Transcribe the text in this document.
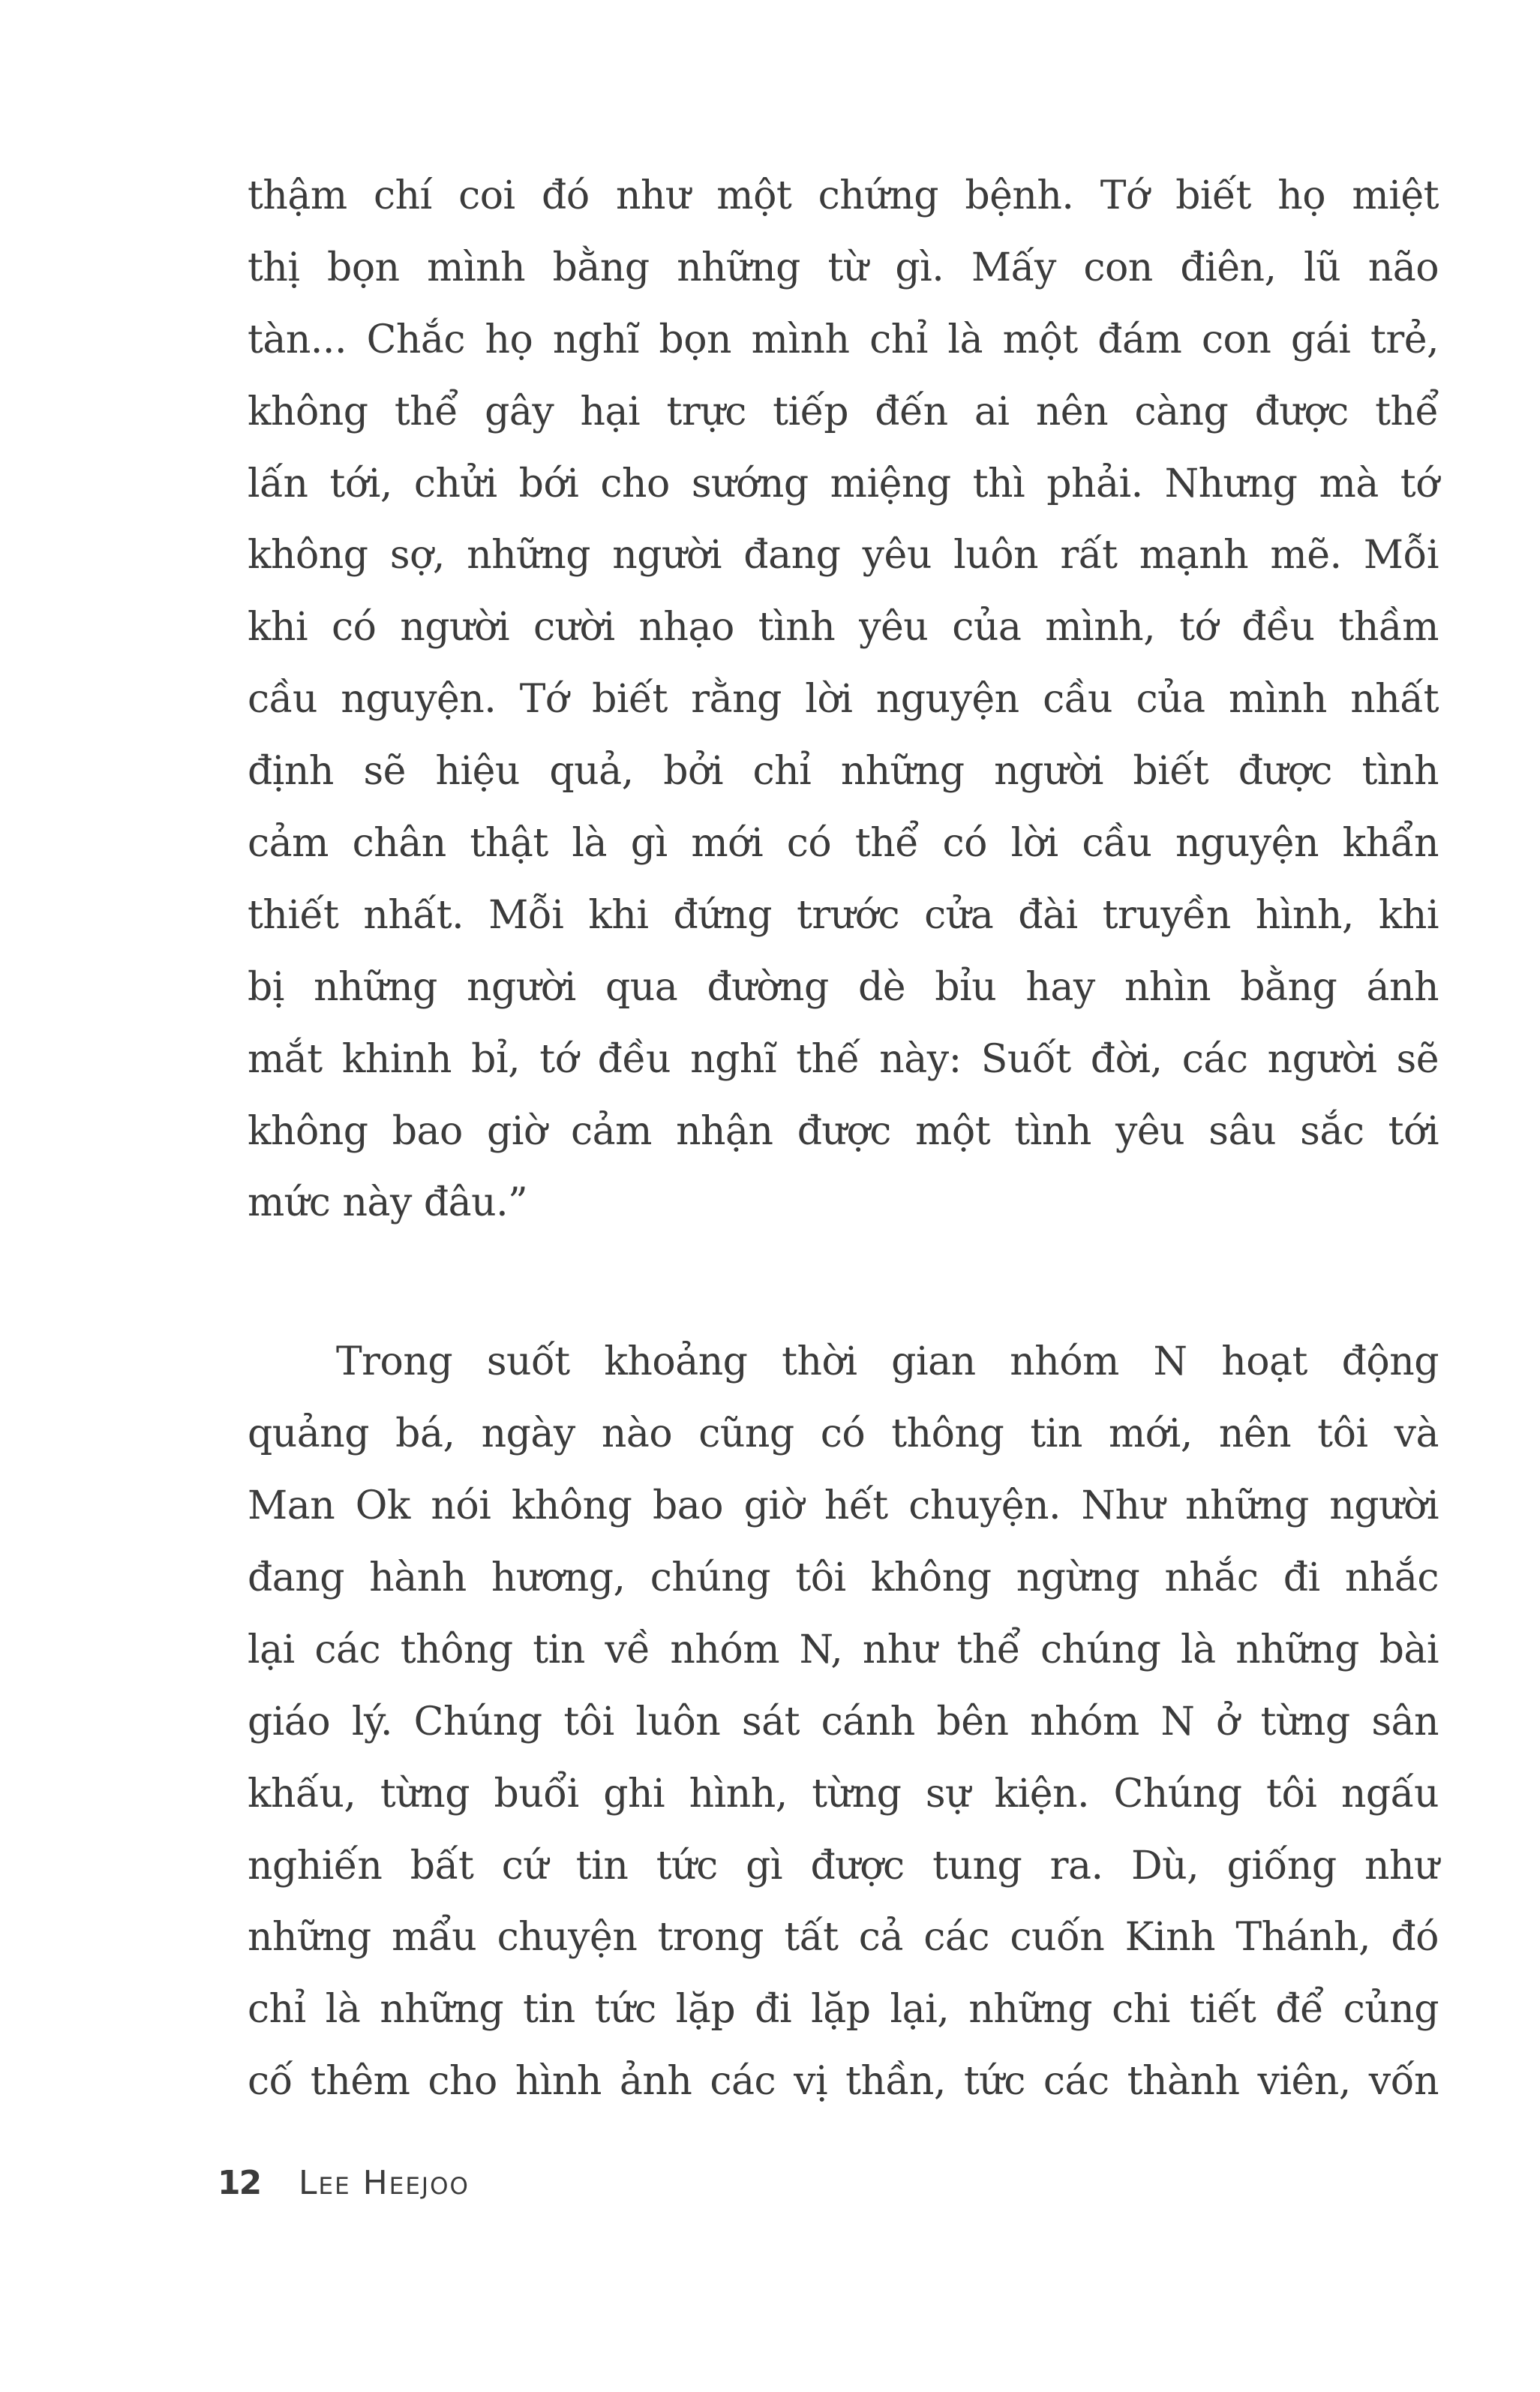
thậm chí coi đó như một chứng bệnh. Tớ biết họ miệt
thị bọn mình bằng những từ gì. Mấy con điên, lũ não
tàn... Chắc họ nghĩ bọn mình chỉ là một đám con gái trẻ,
không thể gây hại trực tiếp đến ai nên càng được thể
lấn tới, chửi bới cho sướng miệng thì phải. Nhưng mà tớ
không sợ, những người đang yêu luôn rất mạnh mẽ. Mỗi
khi có người cười nhạo tình yêu của mình, tớ đều thầm
cầu nguyện. Tớ biết rằng lời nguyện cầu của mình nhất
định sẽ hiệu quả, bởi chỉ những người biết được tình
cảm chân thật là gì mới có thể có lời cầu nguyện khẩn
thiết nhất. Mỗi khi đứng trước cửa đài truyền hình, khi
bị những người qua đường dè bỉu hay nhìn bằng ánh
mắt khinh bỉ, tớ đều nghĩ thế này: Suốt đời, các người sẽ
không bao giờ cảm nhận được một tình yêu sâu sắc tới
mức này đâu.”
Trong suốt khoảng thời gian nhóm N hoạt động
quảng bá, ngày nào cũng có thông tin mới, nên tôi và
Man Ok nói không bao giờ hết chuyện. Như những người
đang hành hương, chúng tôi không ngừng nhắc đi nhắc
lại các thông tin về nhóm N, như thể chúng là những bài
giáo lý. Chúng tôi luôn sát cánh bên nhóm N ở từng sân
khấu, từng buổi ghi hình, từng sự kiện. Chúng tôi ngấu
nghiến bất cứ tin tức gì được tung ra. Dù, giống như
những mẩu chuyện trong tất cả các cuốn Kinh Thánh, đó
chỉ là những tin tức lặp đi lặp lại, những chi tiết để củng
cố thêm cho hình ảnh các vị thần, tức các thành viên, vốn
12	Lee Heejoo
